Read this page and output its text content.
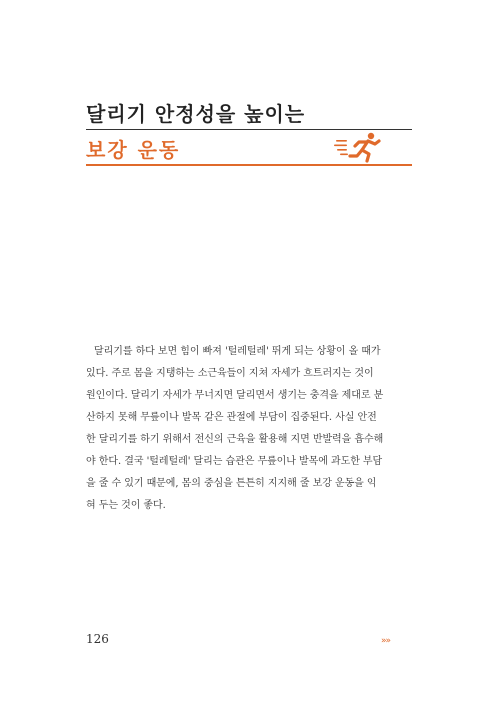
달리기 안정성을 높이는
보강 운동
달리기를 하다 보면 힘이 빠져 '털레털레' 뛰게 되는 상황이 올 때가
있다. 주로 몸을 지탱하는 소근육들이 지쳐 자세가 흐트러지는 것이
원인이다. 달리기 자세가 무너지면 달리면서 생기는 충격을 제대로 분
산하지 못해 무릎이나 발목 같은 관절에 부담이 집중된다. 사실 안전
한 달리기를 하기 위해서 전신의 근육을 활용해 지면 반발력을 흡수해
야 한다. 결국 '털레털레' 달리는 습관은 무릎이나 발목에 과도한 부담
을 줄 수 있기 때문에, 몸의 중심을 튼튼히 지지해 줄 보강 운동을 익
혀 두는 것이 좋다.
126	»»
